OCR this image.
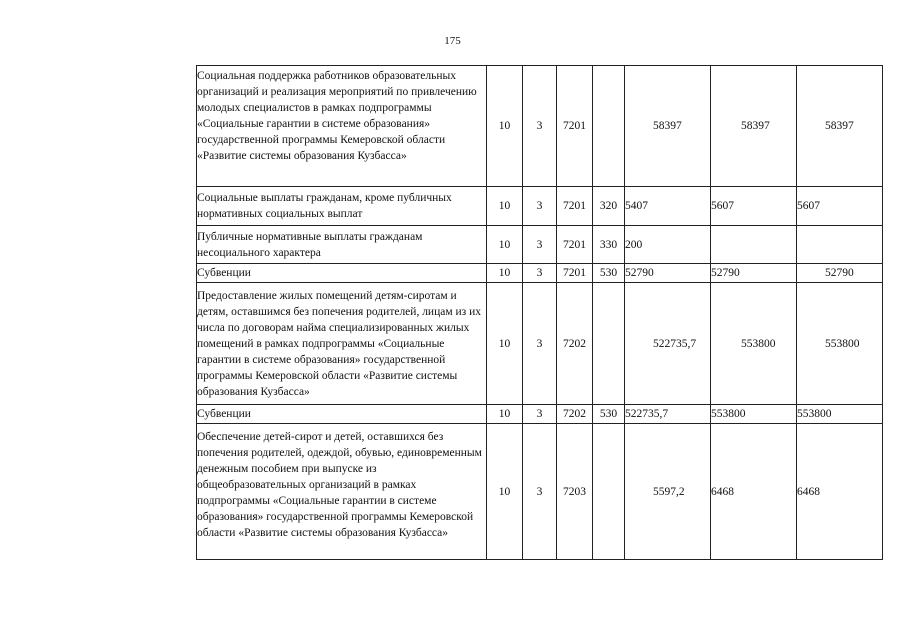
175
Социальная поддержка работников образовательных организаций и реализация мероприятий по привлечению молодых специалистов в рамках подпрограммы «Социальные гарантии в системе образования» государственной программы Кемеровской области «Развитие системы образования Кузбасса»	10	3	7201		58397	58397	58397
Социальные выплаты гражданам, кроме публичных нормативных социальных выплат	10	3	7201	320	5407	5607	5607
Публичные нормативные выплаты гражданам несоциального характера	10	3	7201	330	200		
Субвенции	10	3	7201	530	52790	52790	52790
Предоставление жилых помещений детям-сиротам и детям, оставшимся без попечения родителей, лицам из их числа по договорам найма специализированных жилых помещений в рамках подпрограммы «Социальные гарантии в системе образования» государственной программы Кемеровской области «Развитие системы образования Кузбасса»	10	3	7202		522735,7	553800	553800
Субвенции	10	3	7202	530	522735,7	553800	553800
Обеспечение детей-сирот и детей, оставшихся без попечения родителей, одеждой, обувью, единовременным денежным пособием при выпуске из общеобразовательных организаций в рамках подпрограммы «Социальные гарантии в системе образования» государственной программы Кемеровской области «Развитие системы образования Кузбасса»	10	3	7203		5597,2	6468	6468
